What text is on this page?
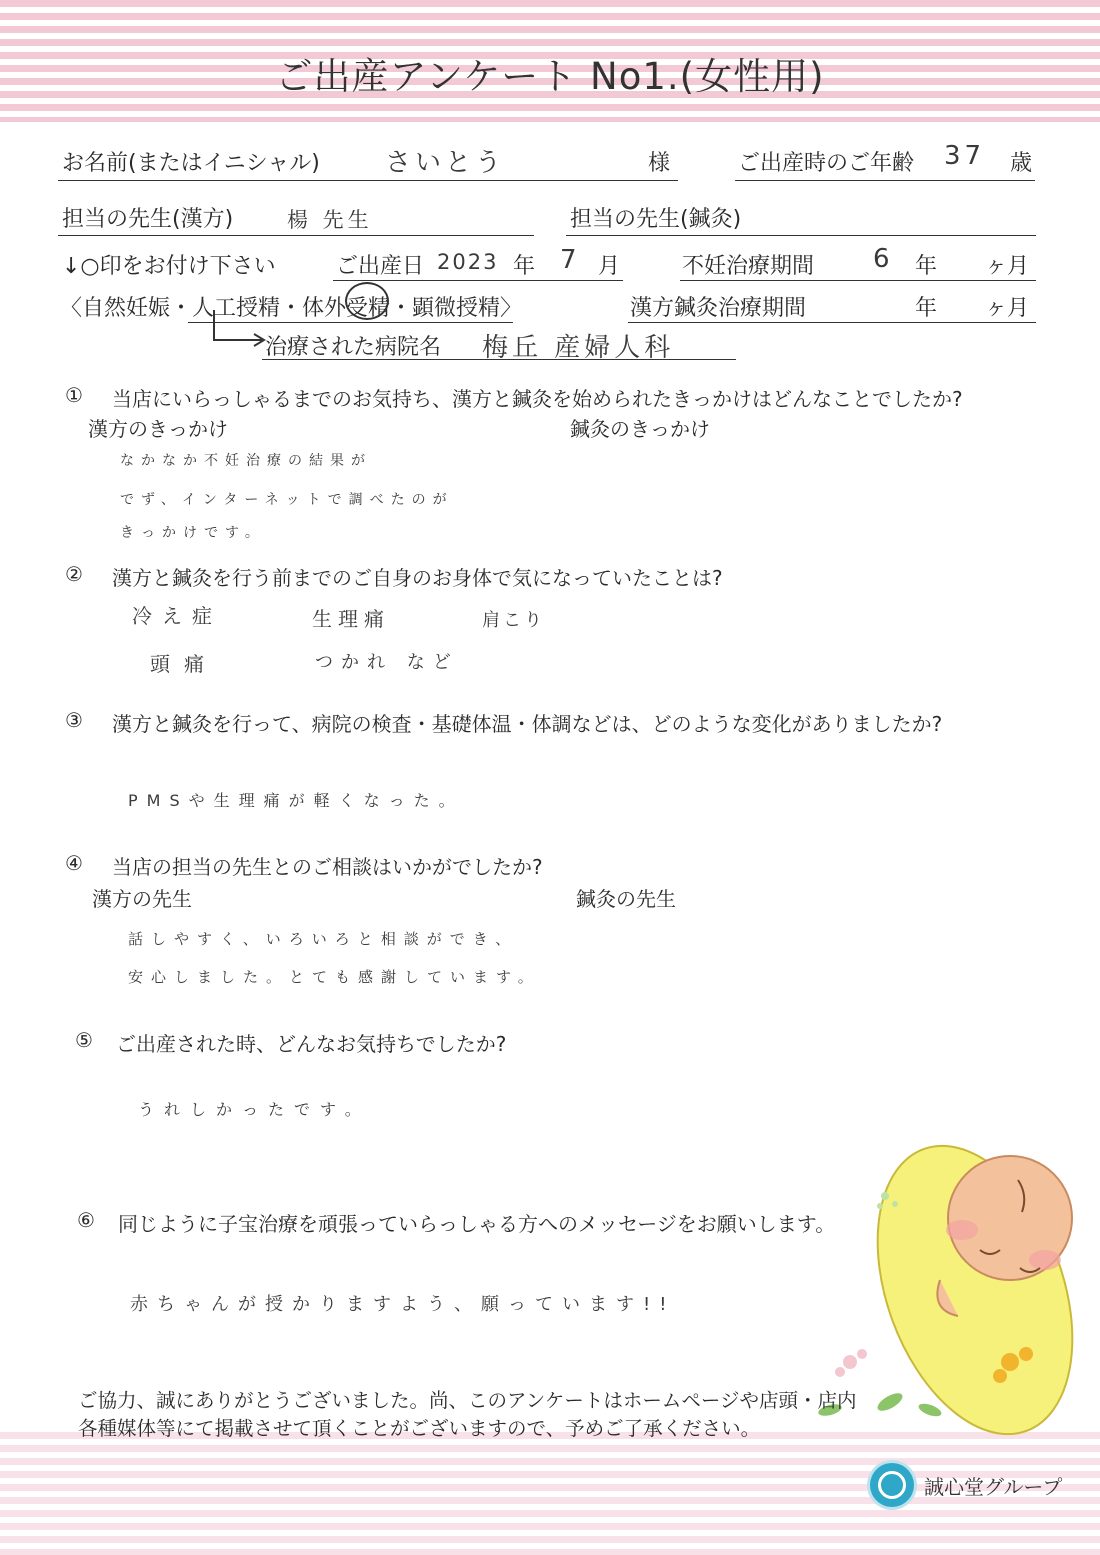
ご出産アンケート No1.(女性用)
お名前(またはイニシャル)	さいとう	様	ご出産時のご年齢 37 歳
担当の先生(漢方)	楊 先生	担当の先生(鍼灸)
↓○印をお付け下さい	ご出産日 2023 年 7 月	不妊治療期間 6 年 ヶ月
〈自然妊娠・人工授精・体外受精・顕微授精〉	漢方鍼灸治療期間	年 ヶ月
治療された病院名 梅丘 産婦人科
① 当店にいらっしゃるまでのお気持ち、漢方と鍼灸を始められたきっかけはどんなことでしたか?
漢方のきっかけ	鍼灸のきっかけ
なかなか不妊治療の結果が
でず、インターネットで調べたのが
きっかけです。
② 漢方と鍼灸を行う前までのご自身のお身体で気になっていたことは?
冷え症	生理痛	肩こり
頭痛	つかれ など
③ 漢方と鍼灸を行って、病院の検査・基礎体温・体調などは、どのような変化がありましたか?
PMSや生理痛が軽くなった。
④ 当店の担当の先生とのご相談はいかがでしたか?
漢方の先生	鍼灸の先生
話しやすく、いろいろと相談ができ、
安心しました。とても感謝しています。
⑤ ご出産された時、どんなお気持ちでしたか?
うれしかったです。
⑥ 同じように子宝治療を頑張っていらっしゃる方へのメッセージをお願いします。
赤ちゃんが授かりますよう、願っています!!
ご協力、誠にありがとうございました。尚、このアンケートはホームページや店頭・店内
各種媒体等にて掲載させて頂くことがございますので、予めご了承ください。
誠心堂グループ
